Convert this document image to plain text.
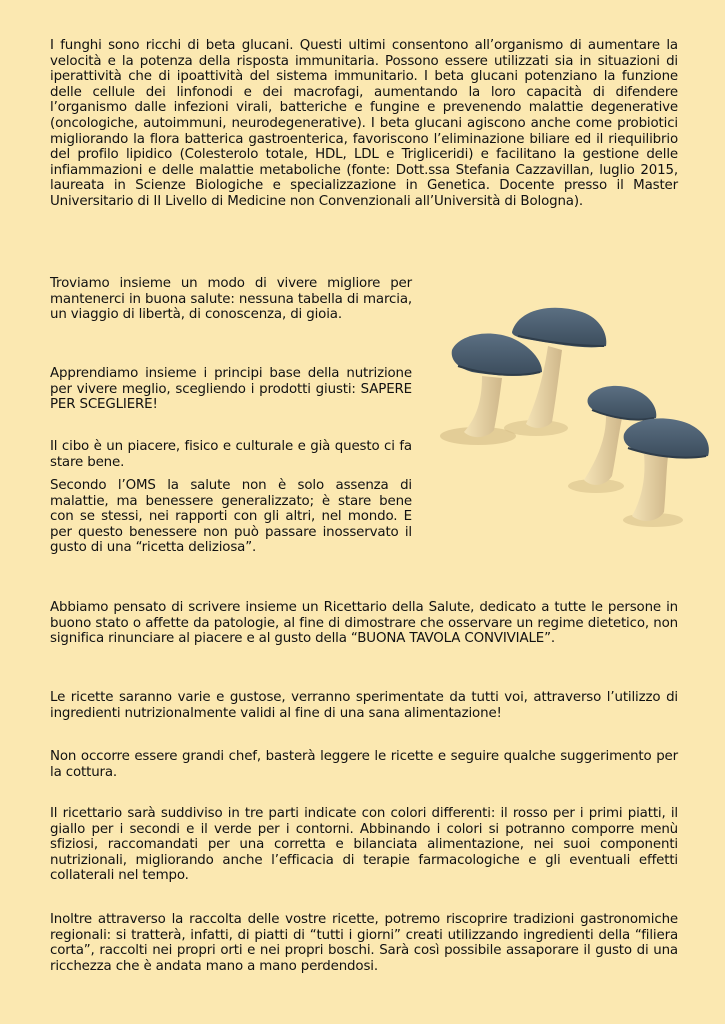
I funghi sono ricchi di beta glucani. Questi ultimi consentono all’organismo di aumentare la velocità e la potenza della risposta immunitaria. Possono essere utilizzati sia in situazioni di iperattività che di ipoattività del sistema immunitario. I beta glucani potenziano la funzione delle cellule dei linfonodi e dei macrofagi, aumentando la loro capacità di difendere l’organismo dalle infezioni virali, batteriche e fungine e prevenendo malattie degenerative (oncologiche, autoimmuni, neurodegenerative). I beta glucani agiscono anche come probiotici migliorando la flora batterica gastroenterica, favoriscono l’eliminazione biliare ed il riequilibrio del profilo lipidico (Colesterolo totale, HDL, LDL e Trigliceridi) e facilitano la gestione delle infiammazioni e delle malattie metaboliche (fonte: Dott.ssa Stefania Cazzavillan, luglio 2015, laureata in Scienze Biologiche e specializzazione in Genetica. Docente presso il Master Universitario di II Livello di Medicine non Convenzionali all’Università di Bologna).

Troviamo insieme un modo di vivere migliore per mantenerci in buona salute: nessuna tabella di marcia, un viaggio di libertà, di conoscenza, di gioia.

Apprendiamo insieme i principi base della nutrizione per vivere meglio, scegliendo i prodotti giusti: SAPERE PER SCEGLIERE!

Il cibo è un piacere, fisico e culturale e già questo ci fa stare bene.

Secondo l’OMS la salute non è solo assenza di malattie, ma benessere generalizzato; è stare bene con se stessi, nei rapporti con gli altri, nel mondo. E per questo benessere non può passare inosservato il gusto di una “ricetta deliziosa”.

Abbiamo pensato di scrivere insieme un Ricettario della Salute, dedicato a tutte le persone in buono stato o affette da patologie, al fine di dimostrare che osservare un regime dietetico, non significa rinunciare al piacere e al gusto della “BUONA TAVOLA CONVIVIALE”.

Le ricette saranno varie e gustose, verranno sperimentate da tutti voi, attraverso l’utilizzo di ingredienti nutrizionalmente validi al fine di una sana alimentazione!

Non occorre essere grandi chef, basterà leggere le ricette e seguire qualche suggerimento per la cottura.

Il ricettario sarà suddiviso in tre parti indicate con colori differenti: il rosso per i primi piatti, il giallo per i secondi e il verde per i contorni. Abbinando i colori si potranno comporre menù sfiziosi, raccomandati per una corretta e bilanciata alimentazione, nei suoi componenti nutrizionali, migliorando anche l’efficacia di terapie farmacologiche e gli eventuali effetti collaterali nel tempo.

Inoltre attraverso la raccolta delle vostre ricette, potremo riscoprire tradizioni gastronomiche regionali: si tratterà, infatti, di piatti di “tutti i giorni” creati utilizzando ingredienti della “filiera corta”, raccolti nei propri orti e nei propri boschi. Sarà così possibile assaporare il gusto di una ricchezza che è andata mano a mano perdendosi.
